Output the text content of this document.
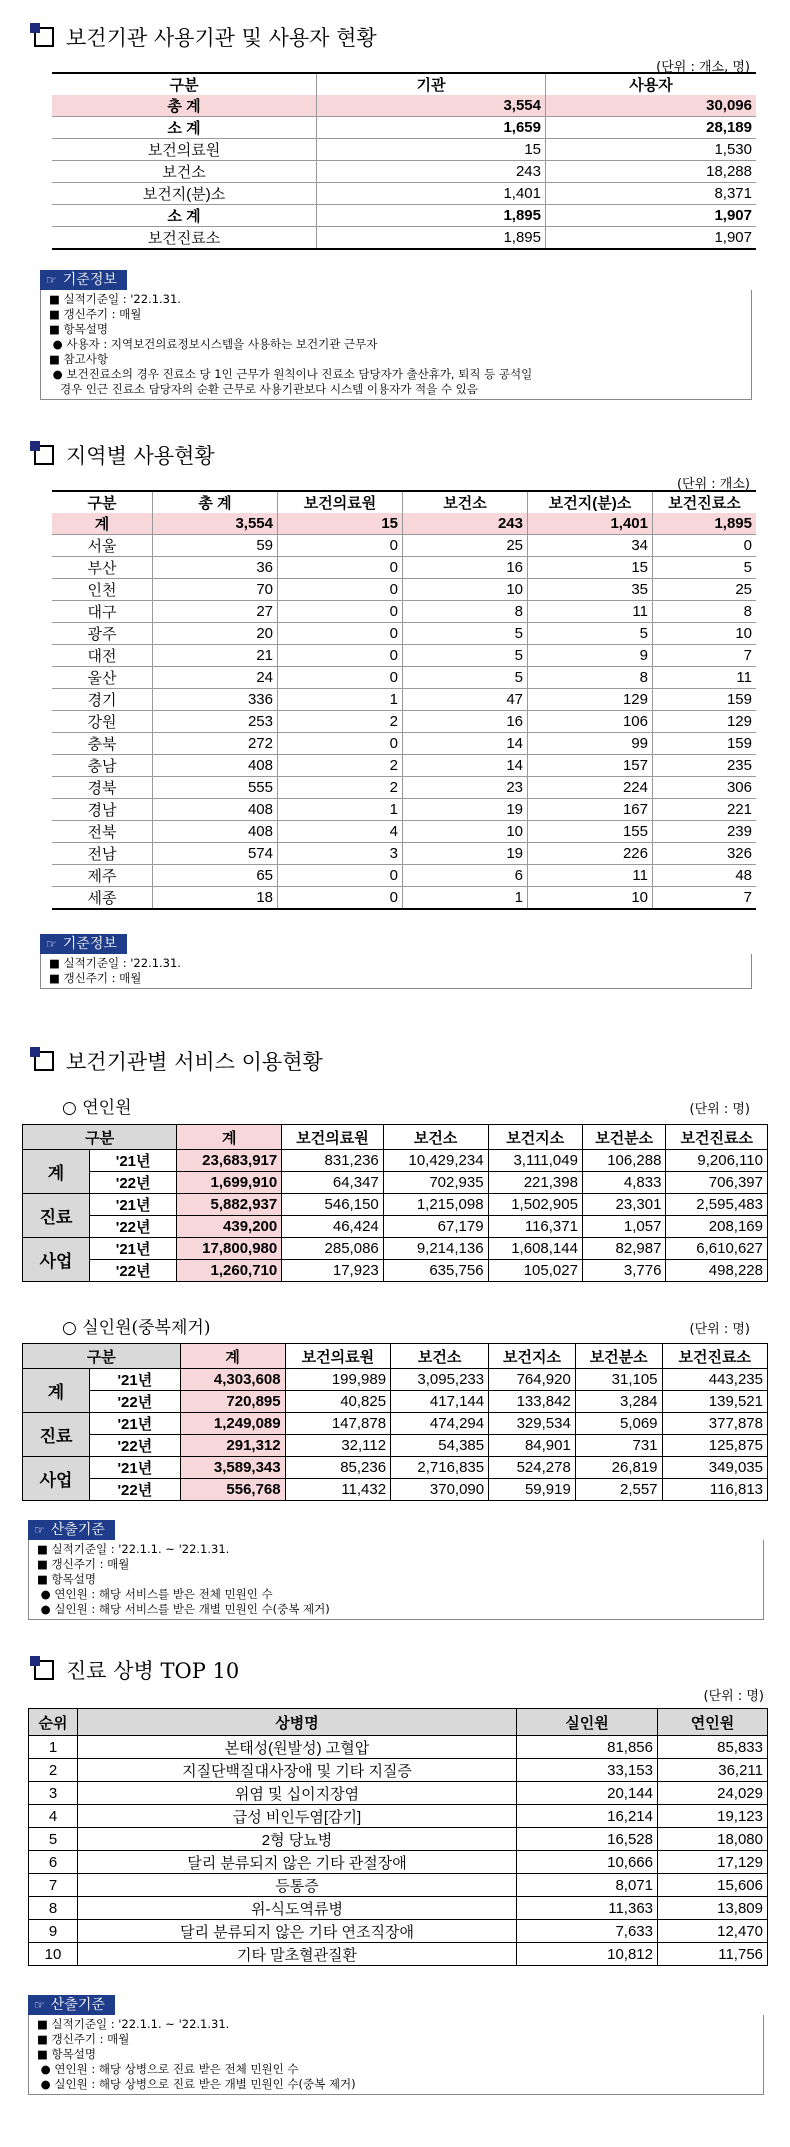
보건기관 사용기관 및 사용자 현황
(단위 : 개소, 명)
구분	기관	사용자
총 계	3,554	30,096
소 계	1,659	28,189
보건의료원	15	1,530
보건소	243	18,288
보건지(분)소	1,401	8,371
소 계	1,895	1,907
보건진료소	1,895	1,907
☞ 기준정보
■ 실적기준일 : '22.1.31.
■ 갱신주기 : 매월
■ 항목설명
● 사용자 : 지역보건의료정보시스템을 사용하는 보건기관 근무자
■ 참고사항
● 보건진료소의 경우 진료소 당 1인 근무가 원칙이나 진료소 담당자가 출산휴가, 퇴직 등 공석일
경우 인근 진료소 담당자의 순환 근무로 사용기관보다 시스템 이용자가 적을 수 있음
지역별 사용현황
(단위 : 개소)
구분	총 계	보건의료원	보건소	보건지(분)소	보건진료소
계	3,554	15	243	1,401	1,895
서울	59	0	25	34	0
부산	36	0	16	15	5
인천	70	0	10	35	25
대구	27	0	8	11	8
광주	20	0	5	5	10
대전	21	0	5	9	7
울산	24	0	5	8	11
경기	336	1	47	129	159
강원	253	2	16	106	129
충북	272	0	14	99	159
충남	408	2	14	157	235
경북	555	2	23	224	306
경남	408	1	19	167	221
전북	408	4	10	155	239
전남	574	3	19	226	326
제주	65	0	6	11	48
세종	18	0	1	10	7
☞ 기준정보
■ 실적기준일 : '22.1.31.
■ 갱신주기 : 매월
보건기관별 서비스 이용현황
○ 연인원	(단위 : 명)
구분		계	보건의료원	보건소	보건지소	보건분소	보건진료소
계	'21년	23,683,917	831,236	10,429,234	3,111,049	106,288	9,206,110
	'22년	1,699,910	64,347	702,935	221,398	4,833	706,397
진료	'21년	5,882,937	546,150	1,215,098	1,502,905	23,301	2,595,483
	'22년	439,200	46,424	67,179	116,371	1,057	208,169
사업	'21년	17,800,980	285,086	9,214,136	1,608,144	82,987	6,610,627
	'22년	1,260,710	17,923	635,756	105,027	3,776	498,228
○ 실인원(중복제거)	(단위 : 명)
구분		계	보건의료원	보건소	보건지소	보건분소	보건진료소
계	'21년	4,303,608	199,989	3,095,233	764,920	31,105	443,235
	'22년	720,895	40,825	417,144	133,842	3,284	139,521
진료	'21년	1,249,089	147,878	474,294	329,534	5,069	377,878
	'22년	291,312	32,112	54,385	84,901	731	125,875
사업	'21년	3,589,343	85,236	2,716,835	524,278	26,819	349,035
	'22년	556,768	11,432	370,090	59,919	2,557	116,813
☞ 산출기준
■ 실적기준일 : '22.1.1. ~ '22.1.31.
■ 갱신주기 : 매월
■ 항목설명
● 연인원 : 해당 서비스를 받은 전체 민원인 수
● 실인원 : 해당 서비스를 받은 개별 민원인 수(중복 제거)
진료 상병 TOP 10
(단위 : 명)
순위	상병명	실인원	연인원
1	본태성(원발성) 고혈압	81,856	85,833
2	지질단백질대사장애 및 기타 지질증	33,153	36,211
3	위염 및 십이지장염	20,144	24,029
4	급성 비인두염[감기]	16,214	19,123
5	2형 당뇨병	16,528	18,080
6	달리 분류되지 않은 기타 관절장애	10,666	17,129
7	등통증	8,071	15,606
8	위-식도역류병	11,363	13,809
9	달리 분류되지 않은 기타 연조직장애	7,633	12,470
10	기타 말초혈관질환	10,812	11,756
☞ 산출기준
■ 실적기준일 : '22.1.1. ~ '22.1.31.
■ 갱신주기 : 매월
■ 항목설명
● 연인원 : 해당 상병으로 진료 받은 전체 민원인 수
● 실인원 : 해당 상병으로 진료 받은 개별 민원인 수(중복 제거)
